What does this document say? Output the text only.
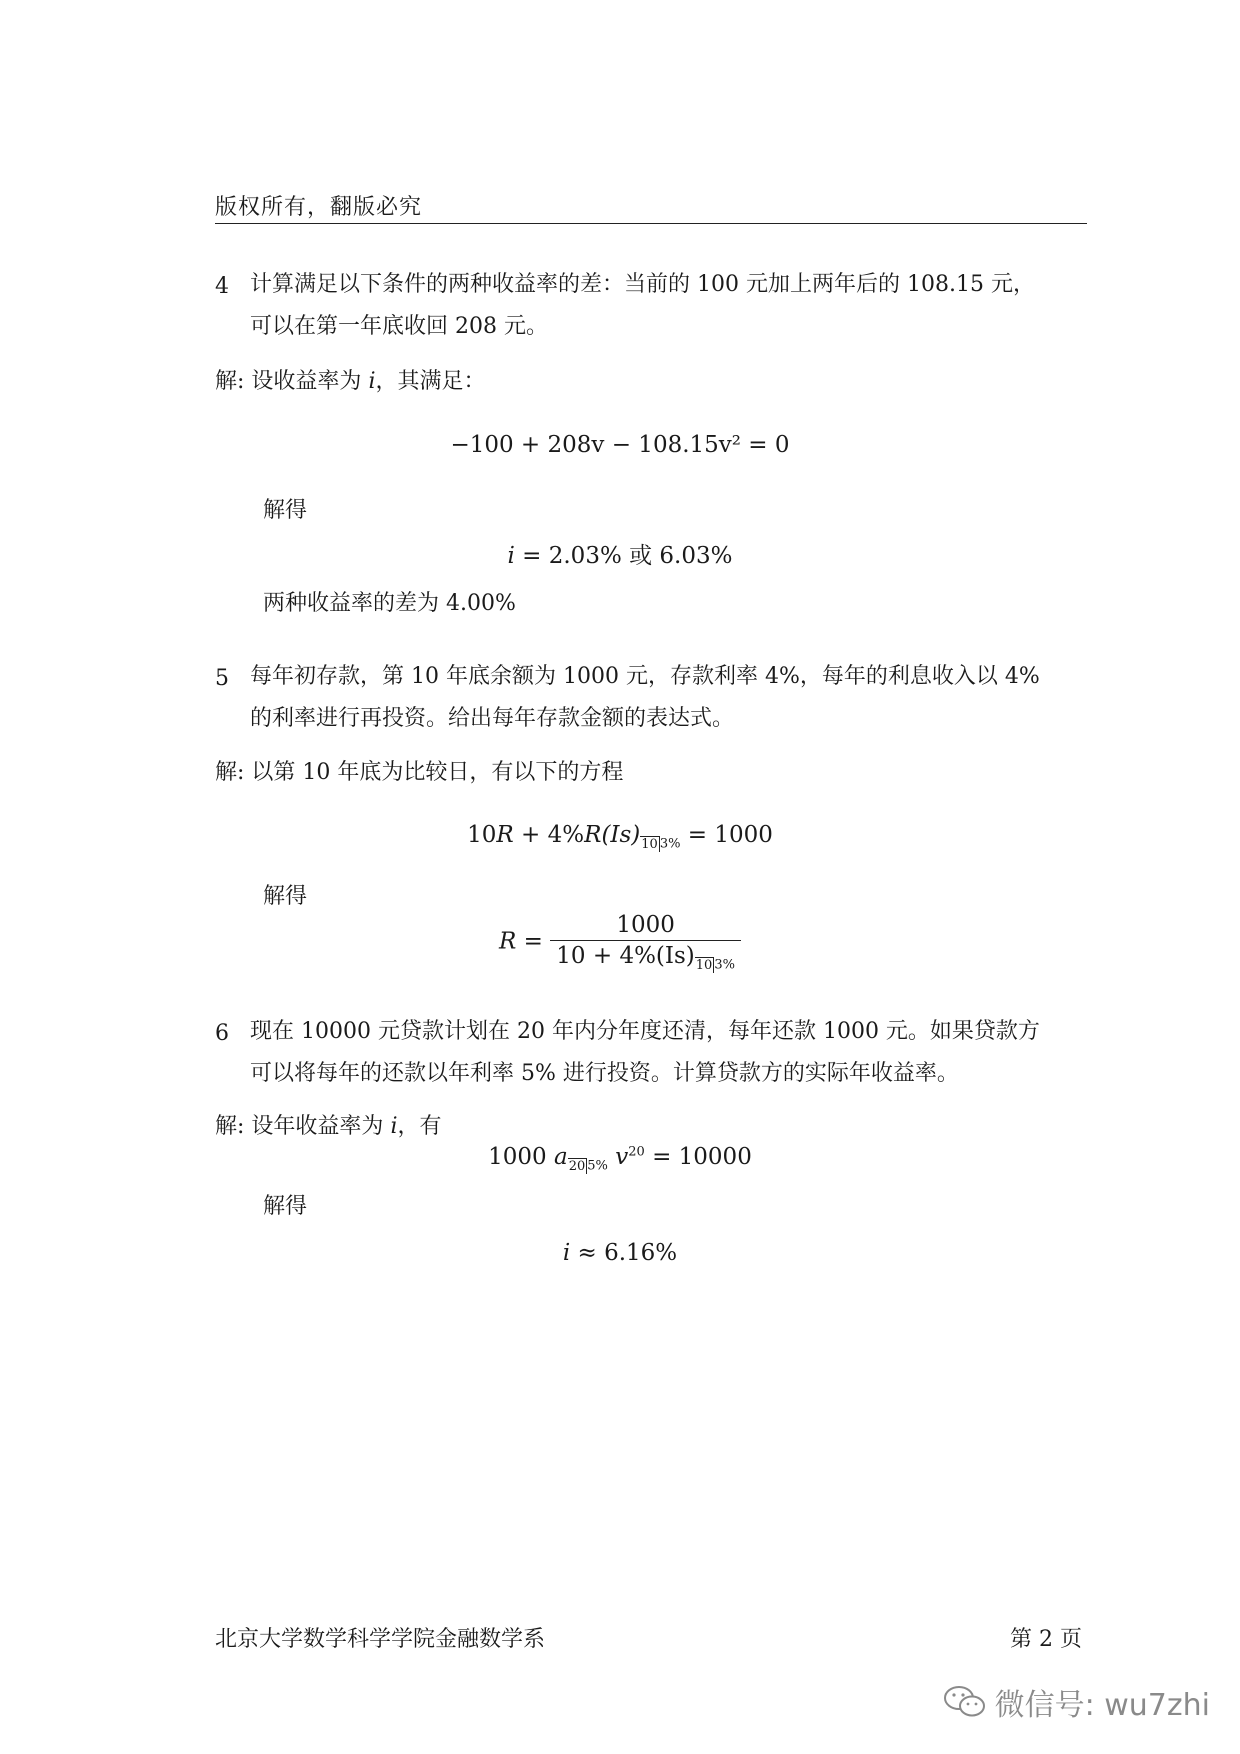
版权所有，翻版必究
4 计算满足以下条件的两种收益率的差：当前的 100 元加上两年后的 108.15 元，
可以在第一年底收回 208 元。
解: 设收益率为 i，其满足：
−100 + 208v − 108.15v² = 0
解得
i = 2.03% 或 6.03%
两种收益率的差为 4.00%
5 每年初存款，第 10 年底余额为 1000 元，存款利率 4%，每年的利息收入以 4%
的利率进行再投资。给出每年存款金额的表达式。
解: 以第 10 年底为比较日，有以下的方程
$10R + 4\%R(Is)_{10 3\%} = 1000$
解得
$R = \frac{1000}{10 + 4\%(Is)_{10 3\%}}$
6 现在 10000 元贷款计划在 20 年内分年度还清，每年还款 1000 元。如果贷款方
可以将每年的还款以年利率 5% 进行投资。计算贷款方的实际年收益率。
解: 设年收益率为 i，有
1000 $a_{20 5\%}$ $v^{20} = 10000$
解得
i ≈ 6.16%
北京大学数学科学学院金融数学系	第 2 页
微信号: wu7zhi
